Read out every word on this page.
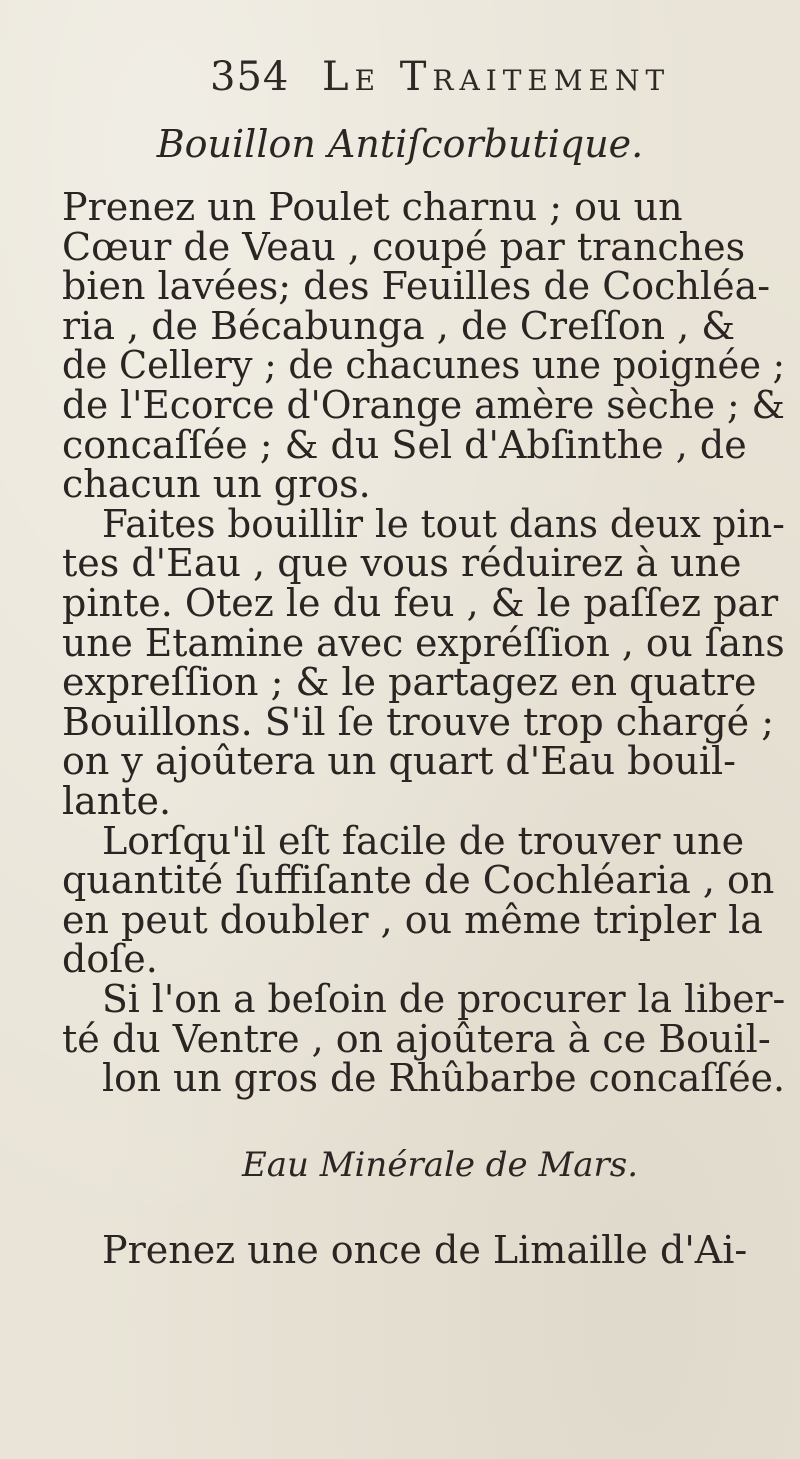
354 Le Traitement
Bouillon Antiſcorbutique.
Prenez un Poulet charnu ; ou un
Cœur de Veau , coupé par tranches
bien lavées; des Feuilles de Cochléa-
ria , de Bécabunga , de Creſſon , &
de Cellery ; de chacunes une poignée ;
de l'Ecorce d'Orange amère sèche ; &
concaſſée ; & du Sel d'Abſinthe , de
chacun un gros.
Faites bouillir le tout dans deux pin-
tes d'Eau , que vous réduirez à une
pinte. Otez le du feu , & le paſſez par
une Etamine avec expréſſion , ou ſans
expreſſion ; & le partagez en quatre
Bouillons. S'il ſe trouve trop chargé ;
on y ajoûtera un quart d'Eau bouil-
lante.
Lorſqu'il eſt facile de trouver une
quantité ſuffiſante de Cochléaria , on
en peut doubler , ou même tripler la
doſe.
Si l'on a beſoin de procurer la liber-
té du Ventre , on ajoûtera à ce Bouil-
lon un gros de Rhûbarbe concaſſée.
Eau Minérale de Mars.
Prenez une once de Limaille d'Ai-
